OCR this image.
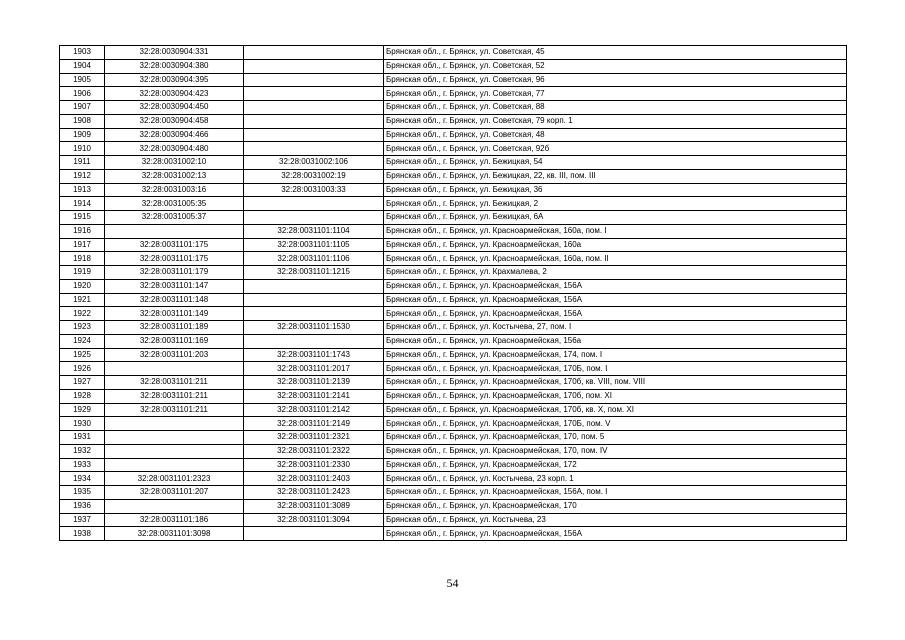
1903	32:28:0030904:331		Брянская обл., г. Брянск, ул. Советская, 45
1904	32:28:0030904:380		Брянская обл., г. Брянск, ул. Советская, 52
1905	32:28:0030904:395		Брянская обл., г. Брянск, ул. Советская, 96
1906	32:28:0030904:423		Брянская обл., г. Брянск, ул. Советская, 77
1907	32:28:0030904:450		Брянская обл., г. Брянск, ул. Советская, 88
1908	32:28:0030904:458		Брянская обл., г. Брянск, ул. Советская, 79 корп. 1
1909	32:28:0030904:466		Брянская обл., г. Брянск, ул. Советская, 48
1910	32:28:0030904:480		Брянская обл., г. Брянск, ул. Советская, 92б
1911	32:28:0031002:10	32:28:0031002:106	Брянская обл., г. Брянск, ул. Бежицкая, 54
1912	32:28:0031002:13	32:28:0031002:19	Брянская обл., г. Брянск, ул. Бежицкая, 22, кв. III, пом. III
1913	32:28:0031003:16	32:28:0031003:33	Брянская обл., г. Брянск, ул. Бежицкая, 36
1914	32:28:0031005:35		Брянская обл., г. Брянск, ул. Бежицкая, 2
1915	32:28:0031005:37		Брянская обл., г. Брянск, ул. Бежицкая, 6А
1916		32:28:0031101:1104	Брянская обл., г. Брянск, ул. Красноармейская, 160а, пом. I
1917	32:28:0031101:175	32:28:0031101:1105	Брянская обл., г. Брянск, ул. Красноармейская, 160а
1918	32:28:0031101:175	32:28:0031101:1106	Брянская обл., г. Брянск, ул. Красноармейская, 160а, пом. II
1919	32:28:0031101:179	32:28:0031101:1215	Брянская обл., г. Брянск, ул. Крахмалева, 2
1920	32:28:0031101:147		Брянская обл., г. Брянск, ул. Красноармейская, 156А
1921	32:28:0031101:148		Брянская обл., г. Брянск, ул. Красноармейская, 156А
1922	32:28:0031101:149		Брянская обл., г. Брянск, ул. Красноармейская, 156А
1923	32:28:0031101:189	32:28:0031101:1530	Брянская обл., г. Брянск, ул. Костычева, 27, пом. I
1924	32:28:0031101:169		Брянская обл., г. Брянск, ул. Красноармейская, 156а
1925	32:28:0031101:203	32:28:0031101:1743	Брянская обл., г. Брянск, ул. Красноармейская, 174, пом. I
1926		32:28:0031101:2017	Брянская обл., г. Брянск, ул. Красноармейская, 170Б, пом. I
1927	32:28:0031101:211	32:28:0031101:2139	Брянская обл., г. Брянск, ул. Красноармейская, 170б, кв. VIII, пом. VIII
1928	32:28:0031101:211	32:28:0031101:2141	Брянская обл., г. Брянск, ул. Красноармейская, 170б, пом. XI
1929	32:28:0031101:211	32:28:0031101:2142	Брянская обл., г. Брянск, ул. Красноармейская, 170б, кв. X, пом. XI
1930		32:28:0031101:2149	Брянская обл., г. Брянск, ул. Красноармейская, 170Б, пом. V
1931		32:28:0031101:2321	Брянская обл., г. Брянск, ул. Красноармейская, 170, пом. 5
1932		32:28:0031101:2322	Брянская обл., г. Брянск, ул. Красноармейская, 170, пом. IV
1933		32:28:0031101:2330	Брянская обл., г. Брянск, ул. Красноармейская, 172
1934	32:28:0031101:2323	32:28:0031101:2403	Брянская обл., г. Брянск, ул. Костычева, 23 корп. 1
1935	32:28:0031101:207	32:28:0031101:2423	Брянская обл., г. Брянск, ул. Красноармейская, 156А, пом. I
1936		32:28:0031101:3089	Брянская обл., г. Брянск, ул. Красноармейская, 170
1937	32:28:0031101:186	32:28:0031101:3094	Брянская обл., г. Брянск, ул. Костычева, 23
1938	32:28:0031101:3098		Брянская обл., г. Брянск, ул. Красноармейская, 156А
54
